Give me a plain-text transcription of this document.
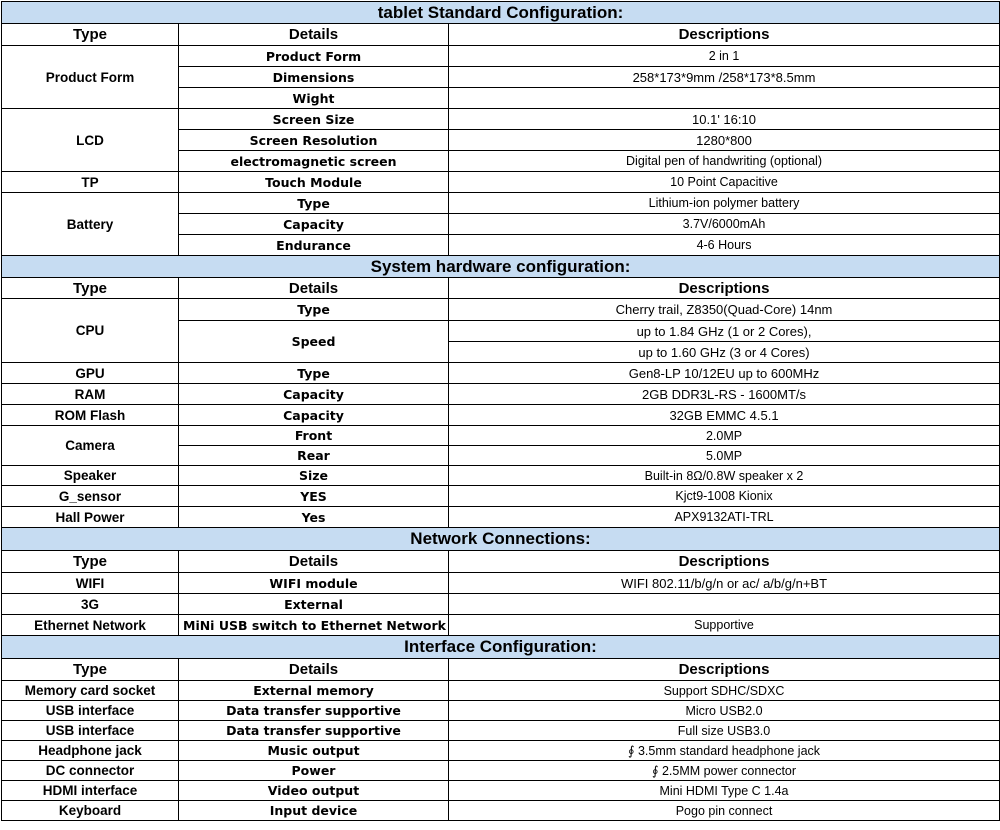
tablet Standard Configuration:		
Type	Details	Descriptions
Product Form	Product Form	2 in 1
	Dimensions	258*173*9mm /258*173*8.5mm
	Wight	
LCD	Screen Size	10.1' 16:10
	Screen Resolution	1280*800
	electromagnetic screen	Digital pen of handwriting (optional)
TP	Touch Module	10 Point Capacitive
Battery	Type	Lithium-ion polymer battery
	Capacity	3.7V/6000mAh
	Endurance	4-6 Hours
System hardware configuration:		
Type	Details	Descriptions
CPU	Type	Cherry trail, Z8350(Quad-Core) 14nm
	Speed	up to 1.84 GHz (1 or 2 Cores),
		up to 1.60 GHz (3 or 4 Cores)
GPU	Type	Gen8-LP 10/12EU up to 600MHz
RAM	Capacity	2GB DDR3L-RS - 1600MT/s
ROM Flash	Capacity	32GB EMMC 4.5.1
Camera	Front	2.0MP
	Rear	5.0MP
Speaker	Size	Built-in 8Ω/0.8W speaker x 2
G_sensor	YES	Kjct9-1008 Kionix
Hall Power	Yes	APX9132ATI-TRL
Network Connections:		
Type	Details	Descriptions
WIFI	WIFI module	WIFI 802.11/b/g/n or ac/ a/b/g/n+BT
3G	External	
Ethernet Network	MiNi USB switch to Ethernet Network	Supportive
Interface Configuration:		
Type	Details	Descriptions
Memory card socket	External memory	Support SDHC/SDXC
USB interface	Data transfer supportive	Micro USB2.0
USB interface	Data transfer supportive	Full size USB3.0
Headphone jack	Music output	∮ 3.5mm standard headphone jack
DC connector	Power	∮ 2.5MM power connector
HDMI interface	Video output	Mini HDMI Type C 1.4a
Keyboard	Input device	Pogo pin connect
